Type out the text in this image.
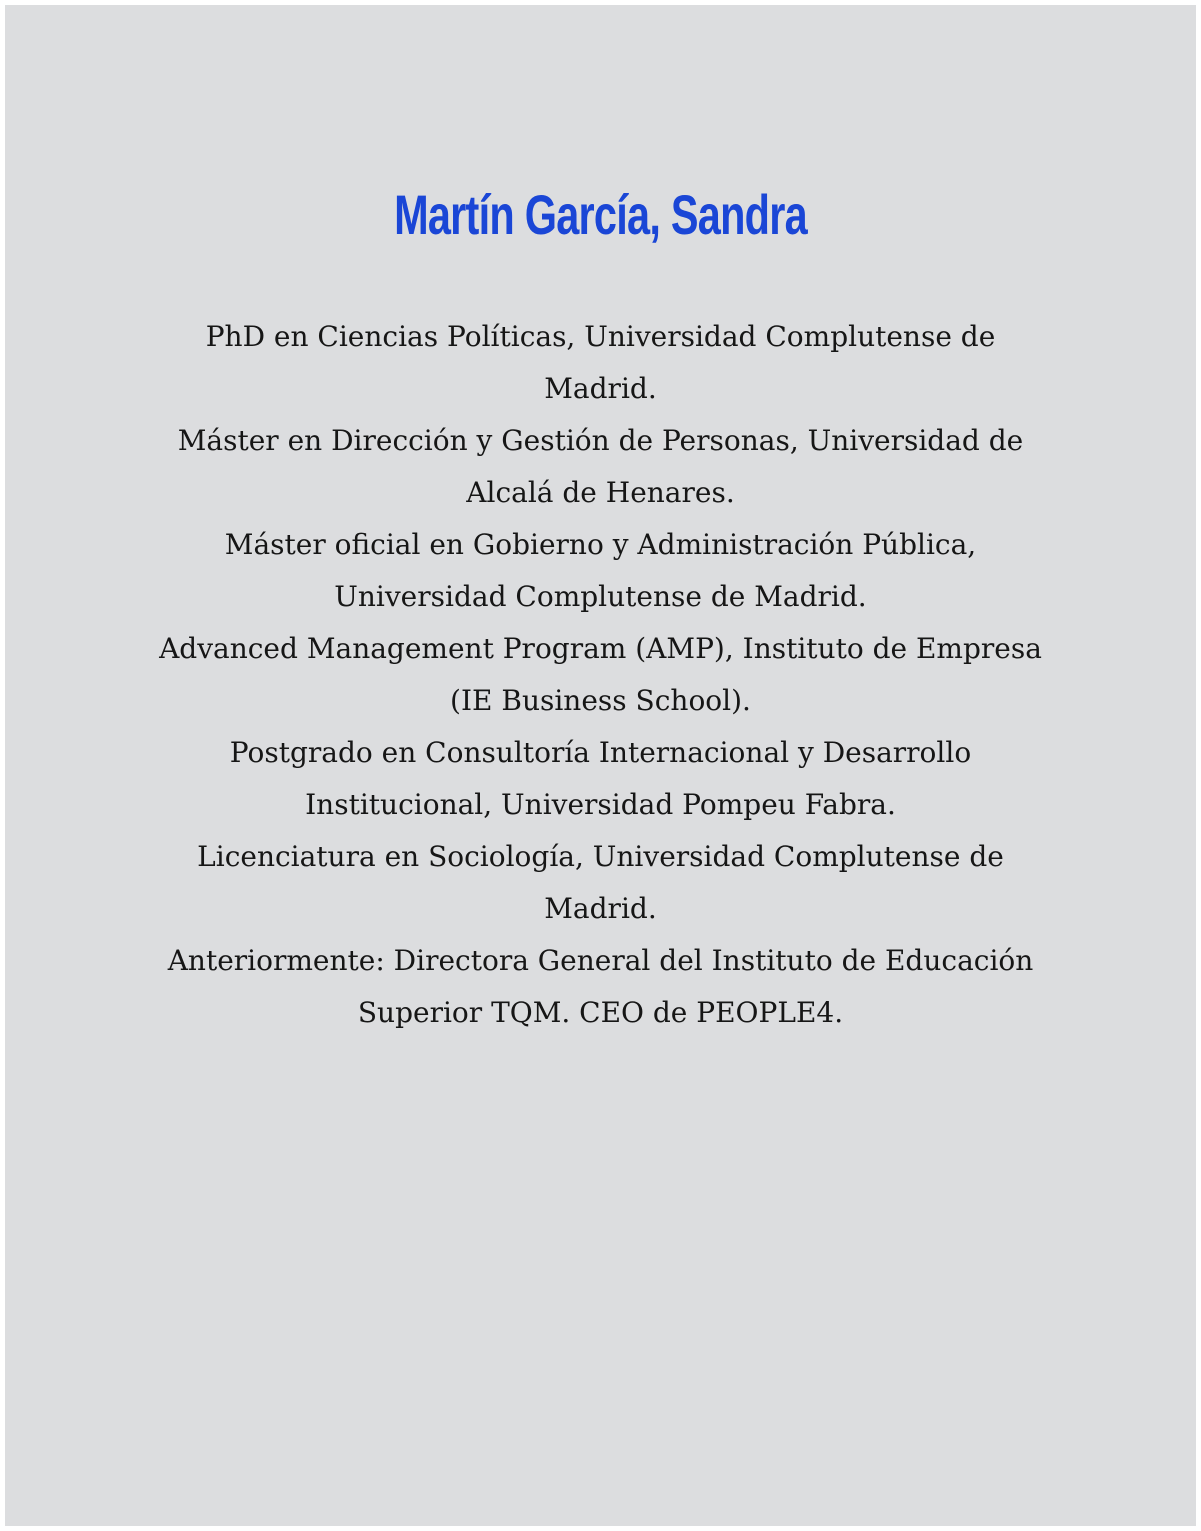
Martín García, Sandra
PhD en Ciencias Políticas, Universidad Complutense de
Madrid.
Máster en Dirección y Gestión de Personas, Universidad de
Alcalá de Henares.
Máster oficial en Gobierno y Administración Pública,
Universidad Complutense de Madrid.
Advanced Management Program (AMP), Instituto de Empresa
(IE Business School).
Postgrado en Consultoría Internacional y Desarrollo
Institucional, Universidad Pompeu Fabra.
Licenciatura en Sociología, Universidad Complutense de
Madrid.
Anteriormente: Directora General del Instituto de Educación
Superior TQM. CEO de PEOPLE4.
